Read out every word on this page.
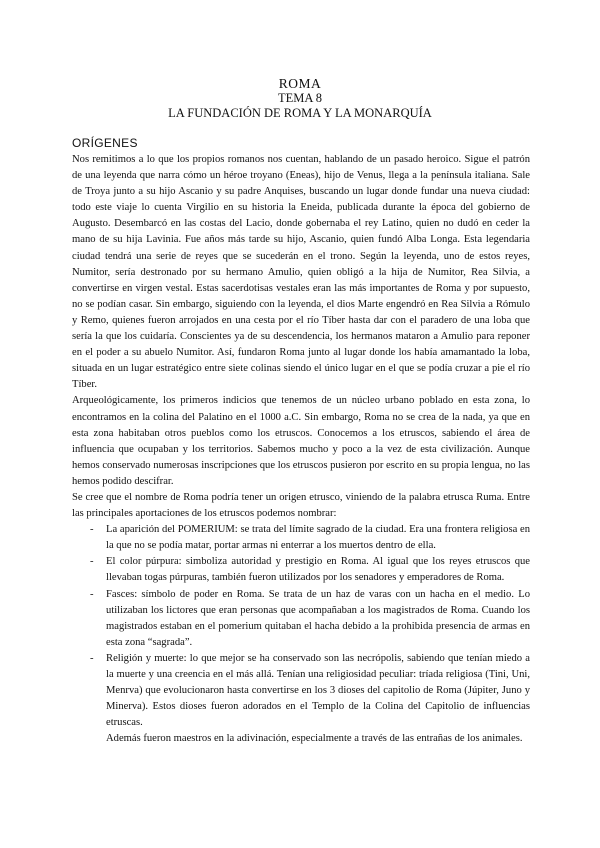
ROMA
TEMA 8
LA FUNDACIÓN DE ROMA Y LA MONARQUÍA
ORÍGENES

Nos remitimos a lo que los propios romanos nos cuentan, hablando de un pasado heroico. Sigue el patrón de una leyenda que narra cómo un héroe troyano (Eneas), hijo de Venus, llega a la península italiana. Sale de Troya junto a su hijo Ascanio y su padre Anquises, buscando un lugar donde fundar una nueva ciudad: todo este viaje lo cuenta Virgilio en su historia la Eneida, publicada durante la época del gobierno de Augusto. Desembarcó en las costas del Lacio, donde gobernaba el rey Latino, quien no dudó en ceder la mano de su hija Lavinia. Fue años más tarde su hijo, Ascanio, quien fundó Alba Longa. Esta legendaria ciudad tendrá una serie de reyes que se sucederán en el trono. Según la leyenda, uno de estos reyes, Numitor, sería destronado por su hermano Amulio, quien obligó a la hija de Numitor, Rea Silvia, a convertirse en virgen vestal. Estas sacerdotisas vestales eran las más importantes de Roma y por supuesto, no se podían casar. Sin embargo, siguiendo con la leyenda, el dios Marte engendró en Rea Silvia a Rómulo y Remo, quienes fueron arrojados en una cesta por el río Tíber hasta dar con el paradero de una loba que sería la que los cuidaría. Conscientes ya de su descendencia, los hermanos mataron a Amulio para reponer en el poder a su abuelo Numitor. Así, fundaron Roma junto al lugar donde los había amamantado la loba, situada en un lugar estratégico entre siete colinas siendo el único lugar en el que se podía cruzar a pie el río Tíber.

Arqueológicamente, los primeros indicios que tenemos de un núcleo urbano poblado en esta zona, lo encontramos en la colina del Palatino en el 1000 a.C. Sin embargo, Roma no se crea de la nada, ya que en esta zona habitaban otros pueblos como los etruscos. Conocemos a los etruscos, sabiendo el área de influencia que ocupaban y los territorios. Sabemos mucho y poco a la vez de esta civilización. Aunque hemos conservado numerosas inscripciones que los etruscos pusieron por escrito en su propia lengua, no las hemos podido descifrar.

Se cree que el nombre de Roma podría tener un origen etrusco, viniendo de la palabra etrusca Ruma. Entre las principales aportaciones de los etruscos podemos nombrar:

- La aparición del POMERIUM: se trata del límite sagrado de la ciudad. Era una frontera religiosa en la que no se podía matar, portar armas ni enterrar a los muertos dentro de ella.

- El color púrpura: simboliza autoridad y prestigio en Roma. Al igual que los reyes etruscos que llevaban togas púrpuras, también fueron utilizados por los senadores y emperadores de Roma.

- Fasces: símbolo de poder en Roma. Se trata de un haz de varas con un hacha en el medio. Lo utilizaban los lictores que eran personas que acompañaban a los magistrados de Roma. Cuando los magistrados estaban en el pomerium quitaban el hacha debido a la prohibida presencia de armas en esta zona “sagrada”.

- Religión y muerte: lo que mejor se ha conservado son las necrópolis, sabiendo que tenían miedo a la muerte y una creencia en el más allá. Tenían una religiosidad peculiar: tríada religiosa (Tini, Uni, Menrva) que evolucionaron hasta convertirse en los 3 dioses del capitolio de Roma (Júpiter, Juno y Minerva). Estos dioses fueron adorados en el Templo de la Colina del Capitolio de influencias etruscas.

Además fueron maestros en la adivinación, especialmente a través de las entrañas de los animales.
